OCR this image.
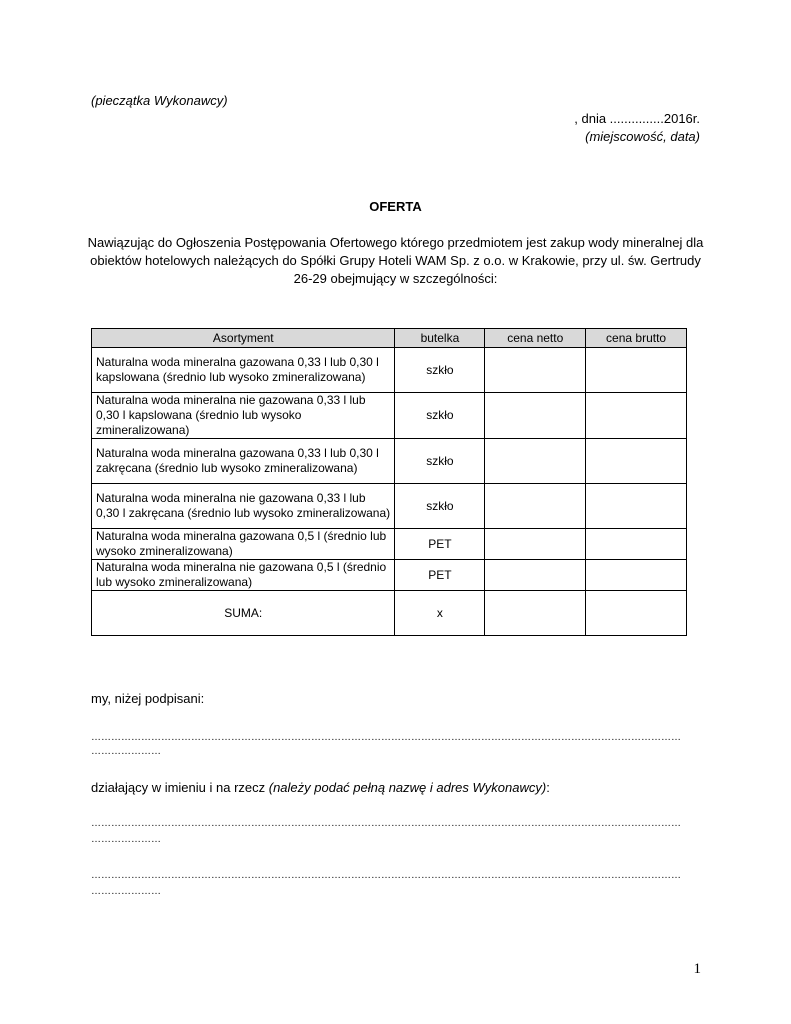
(pieczątka Wykonawcy)
, dnia ...............2016r.
(miejscowość, data)
OFERTA
Nawiązując do Ogłoszenia Postępowania Ofertowego którego przedmiotem jest zakup wody mineralnej dla obiektów hotelowych należących do Spółki Grupy Hoteli WAM Sp. z o.o. w Krakowie, przy ul. św. Gertrudy 26-29 obejmujący w szczególności:
Asortyment	butelka	cena netto	cena brutto
Naturalna woda mineralna gazowana 0,33 l lub 0,30 l kapslowana (średnio lub wysoko zmineralizowana)	szkło		
Naturalna woda mineralna nie gazowana 0,33 l lub 0,30 l kapslowana (średnio lub wysoko zmineralizowana)	szkło		
Naturalna woda mineralna gazowana 0,33 l lub 0,30 l zakręcana (średnio lub wysoko zmineralizowana)	szkło		
Naturalna woda mineralna nie gazowana 0,33 l lub 0,30 l zakręcana (średnio lub wysoko zmineralizowana)	szkło		
Naturalna woda mineralna gazowana 0,5 l (średnio lub wysoko zmineralizowana)	PET		
Naturalna woda mineralna nie gazowana 0,5 l (średnio lub wysoko zmineralizowana)	PET		
SUMA:	x		
my, niżej podpisani:
……………………………………………………………………………………………………………………………………………………………
…………………
działający w imieniu i na rzecz (należy podać pełną nazwę i adres Wykonawcy):
……………………………………………………………………………………………………………………………………………………………
…………………
……………………………………………………………………………………………………………………………………………………………
…………………
1
